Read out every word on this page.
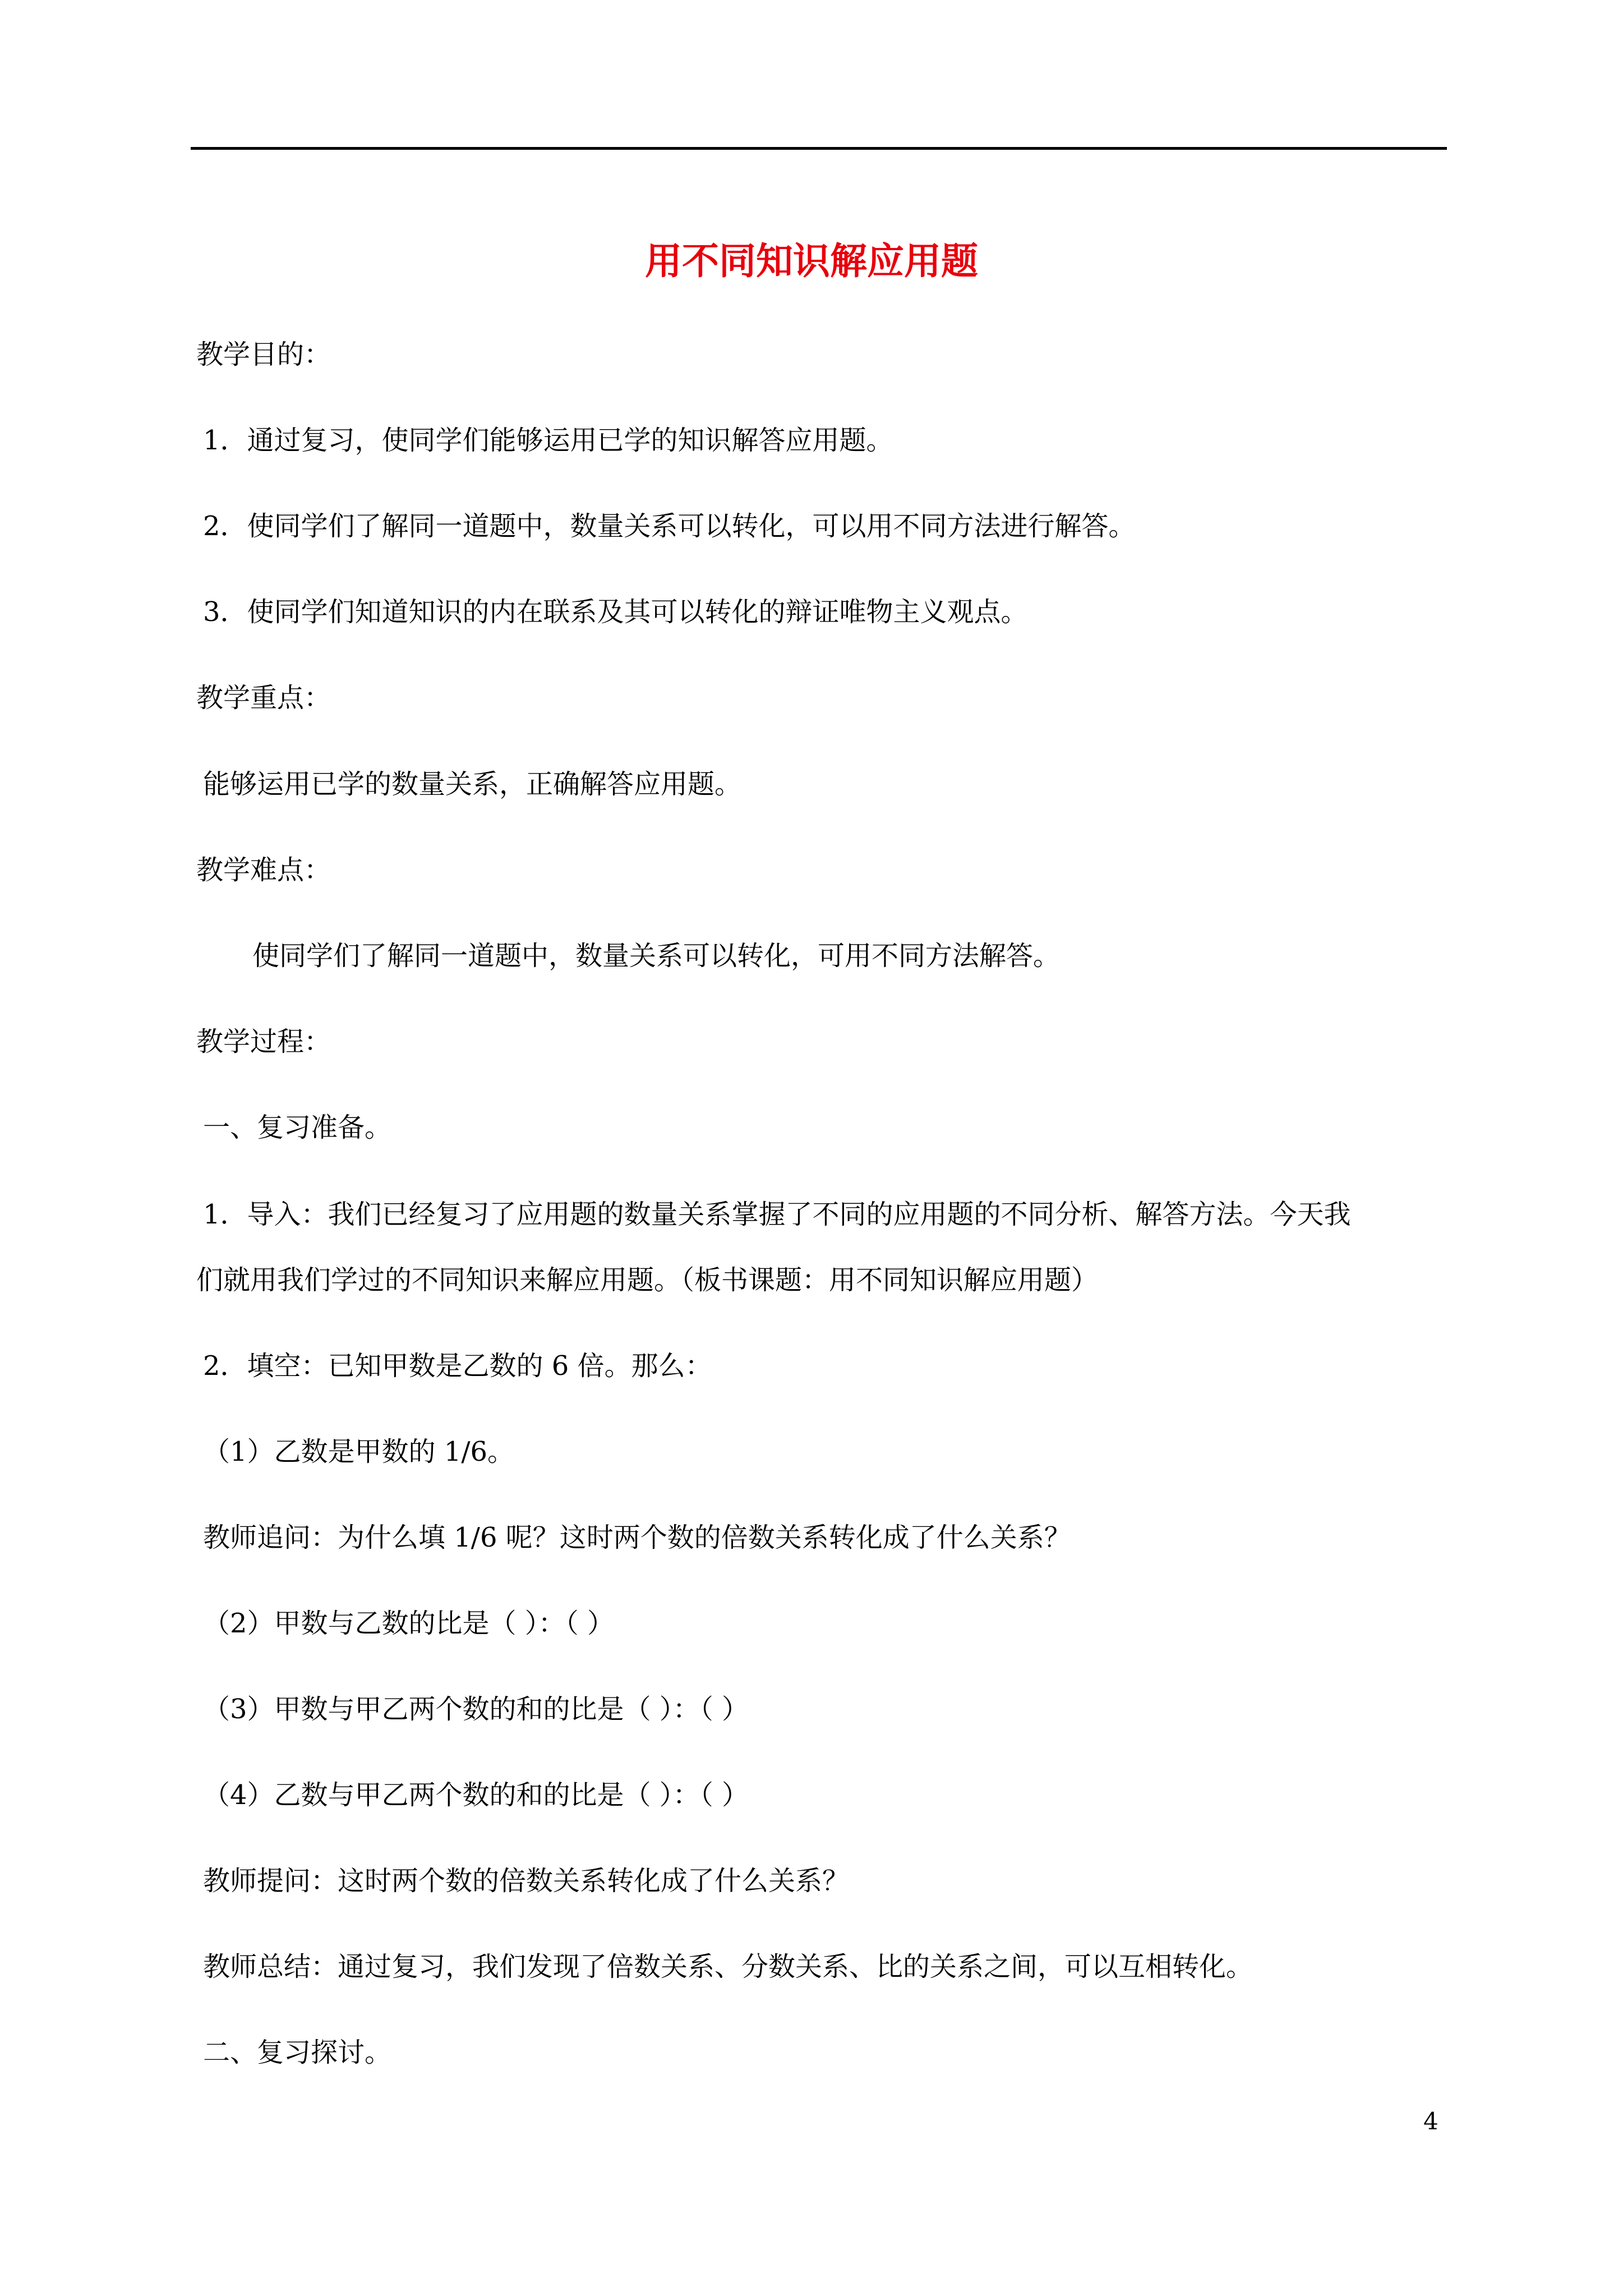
用不同知识解应用题

教学目的：

1．通过复习，使同学们能够运用已学的知识解答应用题。

2．使同学们了解同一道题中，数量关系可以转化，可以用不同方法进行解答。

3．使同学们知道知识的内在联系及其可以转化的辩证唯物主义观点。

教学重点：

能够运用已学的数量关系，正确解答应用题。

教学难点：

使同学们了解同一道题中，数量关系可以转化，可用不同方法解答。

教学过程：

一、复习准备。

1．导入：我们已经复习了应用题的数量关系掌握了不同的应用题的不同分析、解答方法。今天我

们就用我们学过的不同知识来解应用题。（板书课题：用不同知识解应用题）

2．填空：已知甲数是乙数的 6 倍。那么：

（1）乙数是甲数的 1/6。

教师追问：为什么填 1/6 呢？这时两个数的倍数关系转化成了什么关系？

（2）甲数与乙数的比是（ ）：（ ）

（3）甲数与甲乙两个数的和的比是（ ）：（ ）

（4）乙数与甲乙两个数的和的比是（ ）：（ ）

教师提问：这时两个数的倍数关系转化成了什么关系？

教师总结：通过复习，我们发现了倍数关系、分数关系、比的关系之间，可以互相转化。

二、复习探讨。

4
